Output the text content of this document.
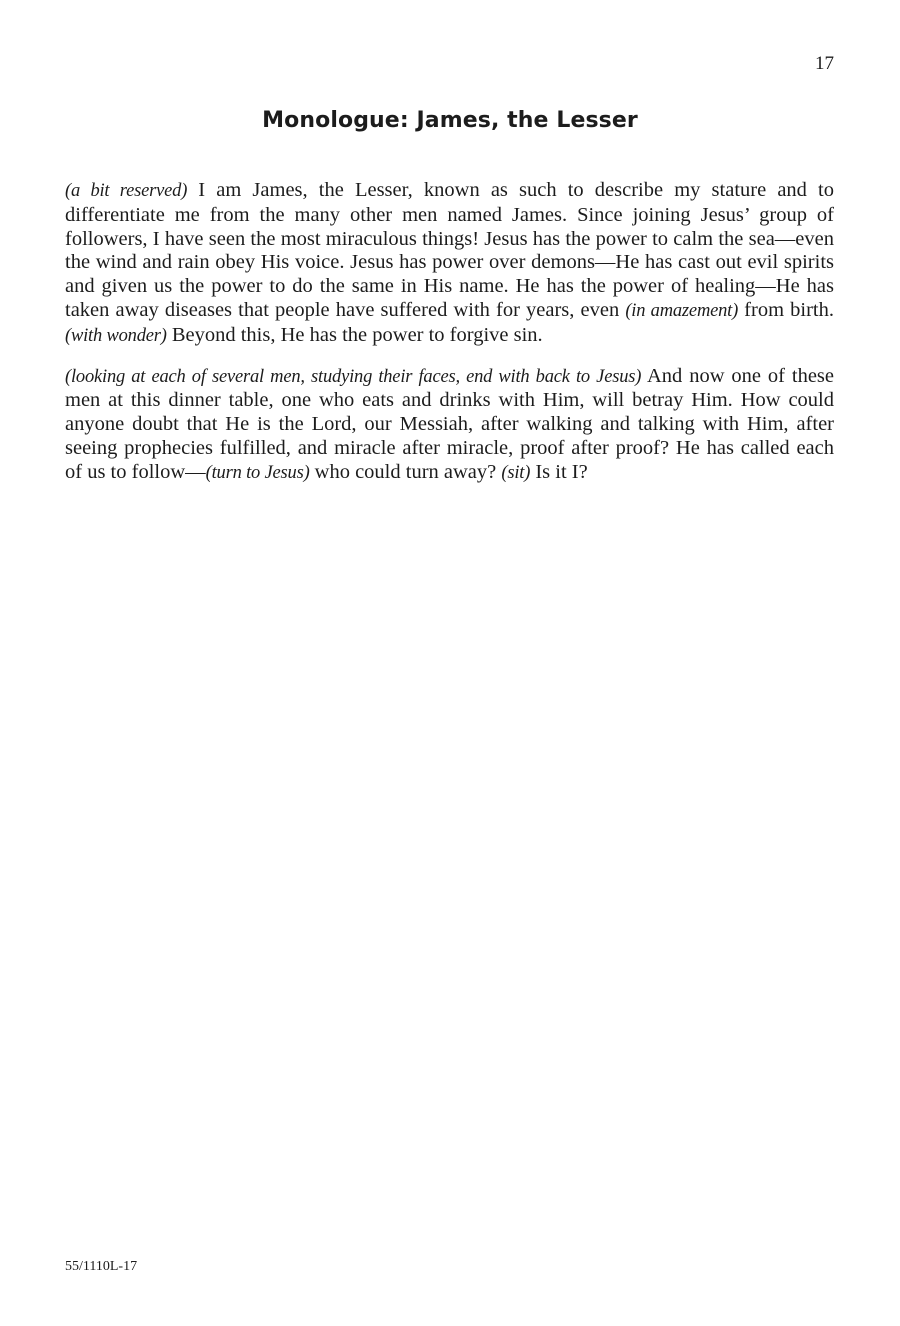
17
Monologue: James, the Lesser

(a bit reserved) I am James, the Lesser, known as such to describe my stature and to differentiate me from the many other men named James. Since joining Jesus’ group of followers, I have seen the most miraculous things! Jesus has the power to calm the sea—even the wind and rain obey His voice. Jesus has power over demons—He has cast out evil spirits and given us the power to do the same in His name. He has the power of healing—He has taken away diseases that people have suffered with for years, even (in amazement) from birth. (with wonder) Beyond this, He has the power to forgive sin.

(looking at each of several men, studying their faces, end with back to Jesus) And now one of these men at this dinner table, one who eats and drinks with Him, will betray Him. How could anyone doubt that He is the Lord, our Messiah, after walking and talking with Him, after seeing prophecies fulfilled, and miracle after miracle, proof after proof? He has called each of us to follow—(turn to Jesus) who could turn away? (sit) Is it I?

55/1110L-17
